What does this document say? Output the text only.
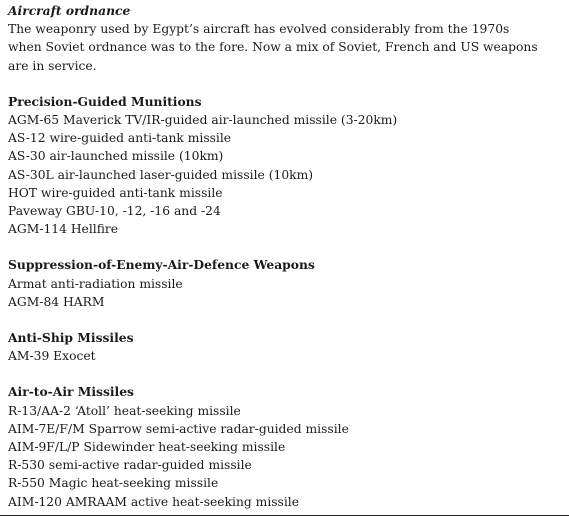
Aircraft ordnance

The weaponry used by Egypt’s aircraft has evolved considerably from the 1970s
when Soviet ordnance was to the fore. Now a mix of Soviet, French and US weapons
are in service.

Precision-Guided Munitions

AGM-65 Maverick TV/IR-guided air-launched missile (3-20km)

AS-12 wire-guided anti-tank missile

AS-30 air-launched missile (10km)

AS-30L air-launched laser-guided missile (10km)

HOT wire-guided anti-tank missile

Paveway GBU-10, -12, -16 and -24

AGM-114 Hellfire

Suppression-of-Enemy-Air-Defence Weapons

Armat anti-radiation missile

AGM-84 HARM

Anti-Ship Missiles

AM-39 Exocet

Air-to-Air Missiles

R-13/AA-2 ‘Atoll’ heat-seeking missile

AIM-7E/F/M Sparrow semi-active radar-guided missile

AIM-9F/L/P Sidewinder heat-seeking missile

R-530 semi-active radar-guided missile

R-550 Magic heat-seeking missile

AIM-120 AMRAAM active heat-seeking missile
